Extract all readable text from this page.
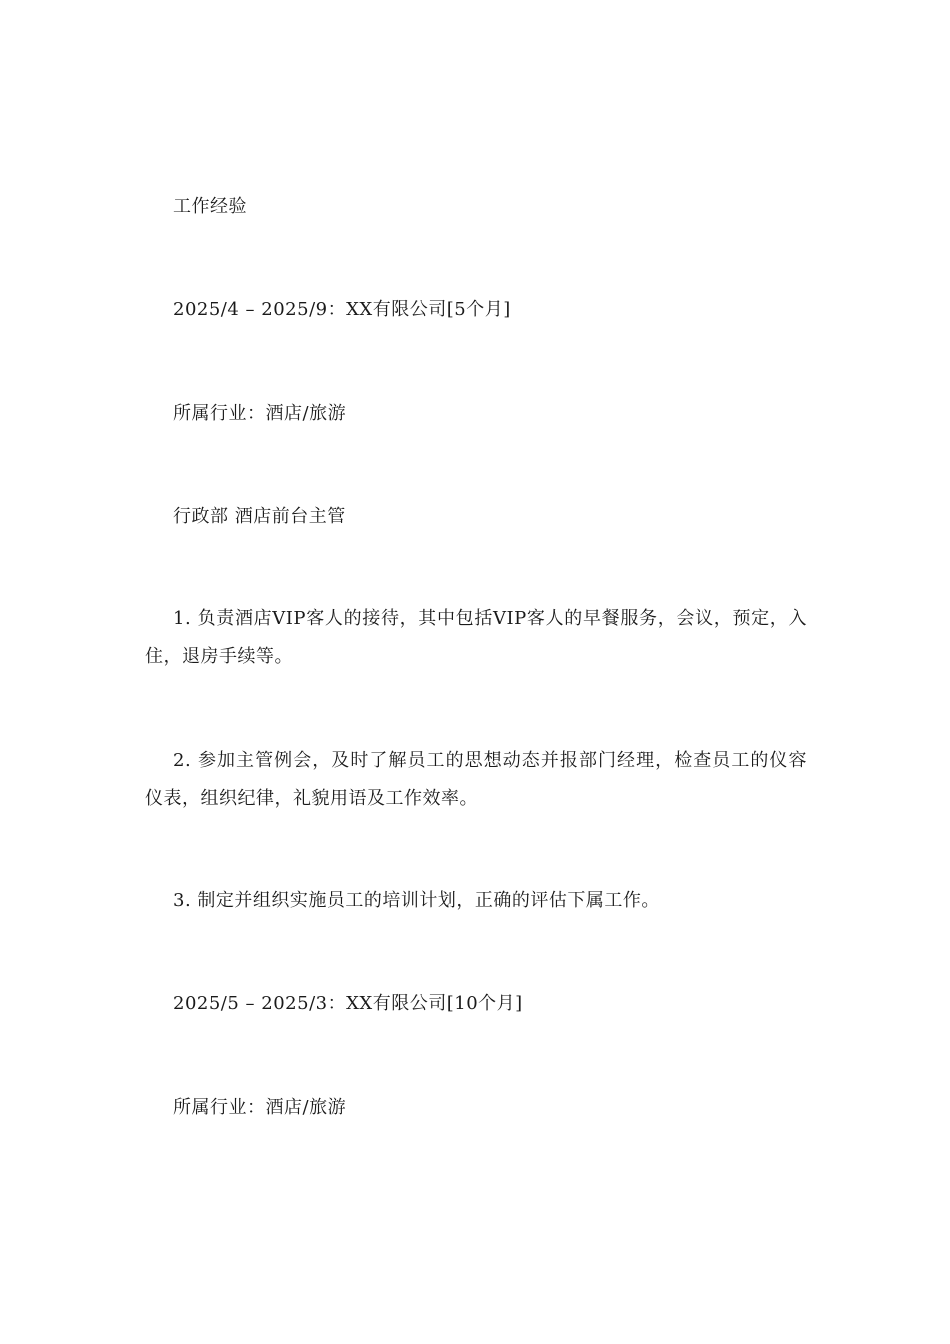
工作经验
2025/4 – 2025/9：XX有限公司[5个月]
所属行业：酒店/旅游
行政部 酒店前台主管
1. 负责酒店VIP客人的接待，其中包括VIP客人的早餐服务，会议，预定，入住，退房手续等。
2. 参加主管例会，及时了解员工的思想动态并报部门经理，检查员工的仪容仪表，组织纪律，礼貌用语及工作效率。
3. 制定并组织实施员工的培训计划，正确的评估下属工作。
2025/5 – 2025/3：XX有限公司[10个月]
所属行业：酒店/旅游
